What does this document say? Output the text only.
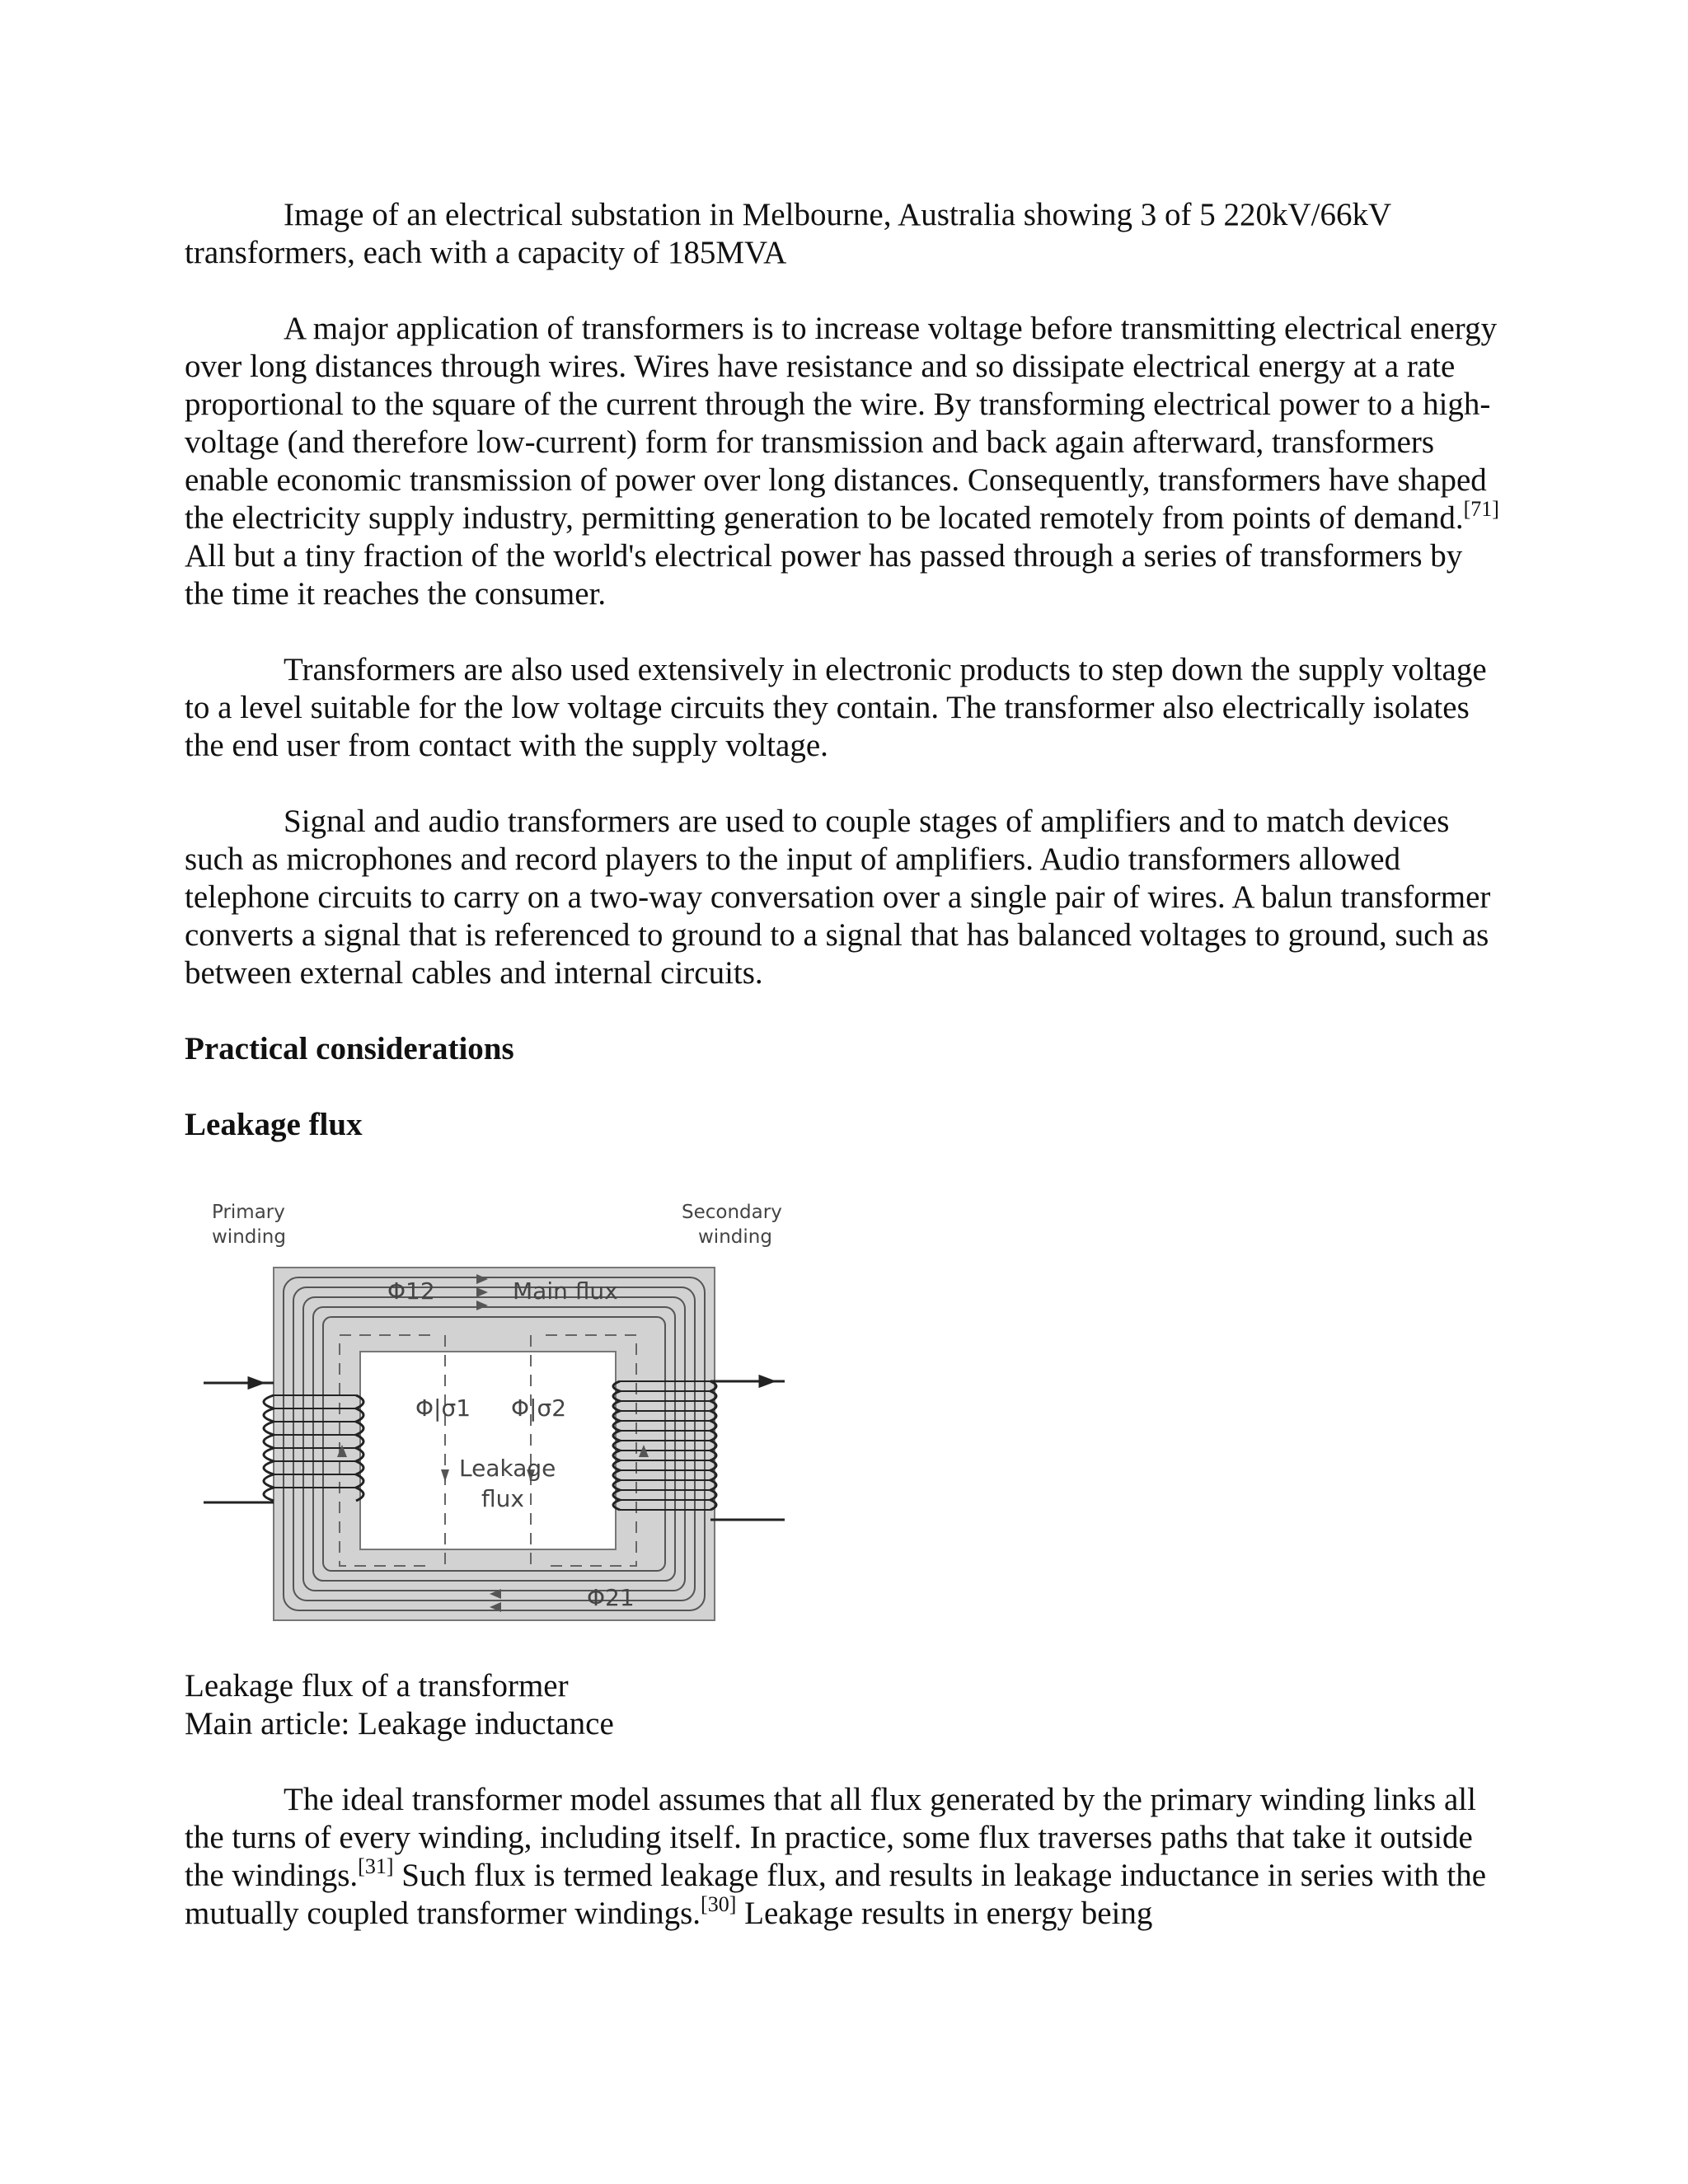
Image of an electrical substation in Melbourne, Australia showing 3 of 5 220kV/66kV transformers, each with a capacity of 185MVA

A major application of transformers is to increase voltage before transmitting electrical energy over long distances through wires. Wires have resistance and so dissipate electrical energy at a rate proportional to the square of the current through the wire. By transforming electrical power to a high-voltage (and therefore low-current) form for transmission and back again afterward, transformers enable economic transmission of power over long distances. Consequently, transformers have shaped the electricity supply industry, permitting generation to be located remotely from points of demand.[71] All but a tiny fraction of the world's electrical power has passed through a series of transformers by the time it reaches the consumer.

Transformers are also used extensively in electronic products to step down the supply voltage to a level suitable for the low voltage circuits they contain. The transformer also electrically isolates the end user from contact with the supply voltage.

Signal and audio transformers are used to couple stages of amplifiers and to match devices such as microphones and record players to the input of amplifiers. Audio transformers allowed telephone circuits to carry on a two-way conversation over a single pair of wires. A balun transformer converts a signal that is referenced to ground to a signal that has balanced voltages to ground, such as between external cables and internal circuits.

Practical considerations

Leakage flux

Primary
winding
Secondary
winding
Φ12	Main flux
Φ|σ1 Φ|σ2
Leakage
flux
Φ21
Leakage flux of a transformer
Main article: Leakage inductance

The ideal transformer model assumes that all flux generated by the primary winding links all the turns of every winding, including itself. In practice, some flux traverses paths that take it outside the windings.[31] Such flux is termed leakage flux, and results in leakage inductance in series with the mutually coupled transformer windings.[30] Leakage results in energy being
